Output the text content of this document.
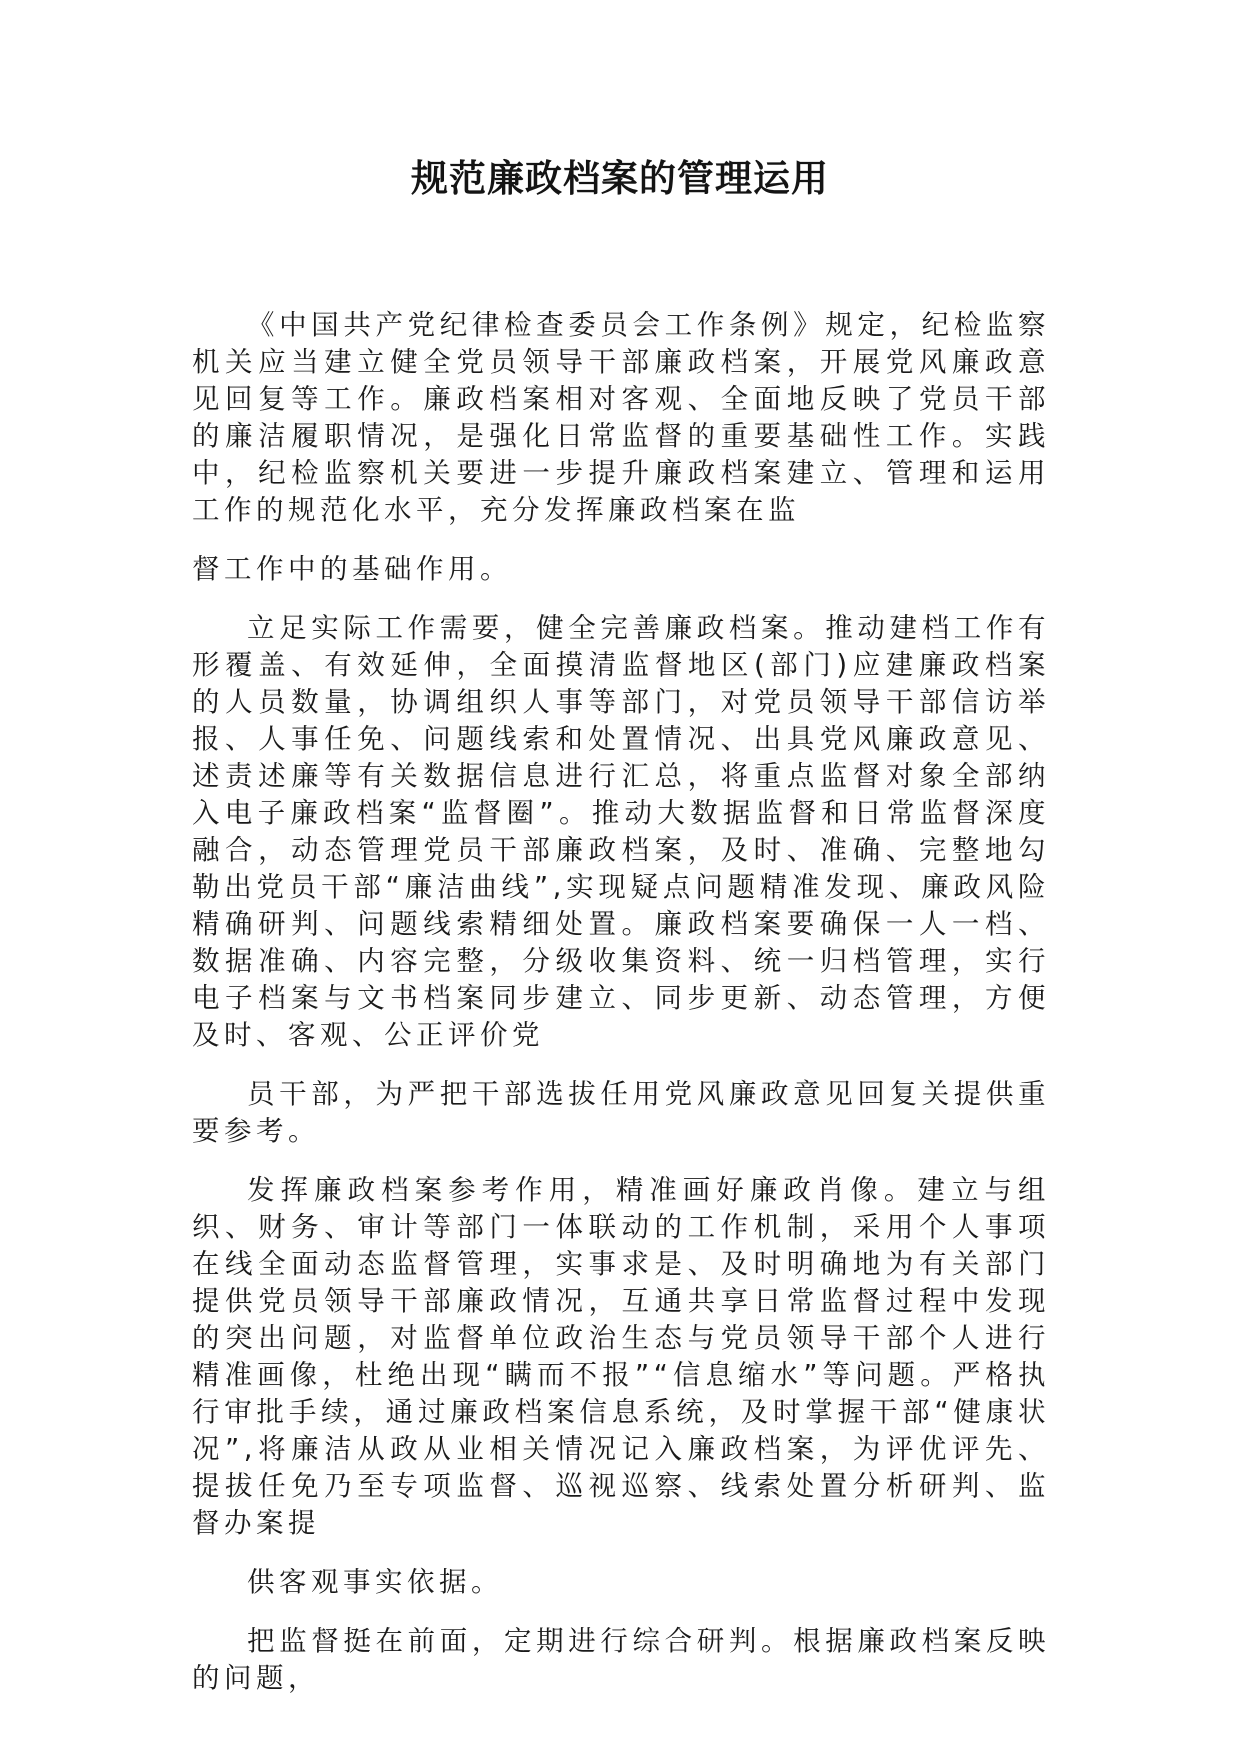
规范廉政档案的管理运用

《中国共产党纪律检查委员会工作条例》规定，纪检监察机关应当建立健全党员领导干部廉政档案，开展党风廉政意见回复等工作。廉政档案相对客观、全面地反映了党员干部的廉洁履职情况，是强化日常监督的重要基础性工作。实践中，纪检监察机关要进一步提升廉政档案建立、管理和运用工作的规范化水平，充分发挥廉政档案在监
督工作中的基础作用。

立足实际工作需要，健全完善廉政档案。推动建档工作有形覆盖、有效延伸，全面摸清监督地区(部门)应建廉政档案的人员数量，协调组织人事等部门，对党员领导干部信访举报、人事任免、问题线索和处置情况、出具党风廉政意见、述责述廉等有关数据信息进行汇总，将重点监督对象全部纳入电子廉政档案“监督圈”。推动大数据监督和日常监督深度融合，动态管理党员干部廉政档案，及时、准确、完整地勾勒出党员干部“廉洁曲线”,实现疑点问题精准发现、廉政风险精确研判、问题线索精细处置。廉政档案要确保一人一档、数据准确、内容完整，分级收集资料、统一归档管理，实行电子档案与文书档案同步建立、同步更新、动态管理，方便及时、客观、公正评价党
员干部，为严把干部选拔任用党风廉政意见回复关提供重要参考。

发挥廉政档案参考作用，精准画好廉政肖像。建立与组织、财务、审计等部门一体联动的工作机制，采用个人事项在线全面动态监督管理，实事求是、及时明确地为有关部门提供党员领导干部廉政情况，互通共享日常监督过程中发现的突出问题，对监督单位政治生态与党员领导干部个人进行精准画像，杜绝出现“瞒而不报”“信息缩水”等问题。严格执行审批手续，通过廉政档案信息系统，及时掌握干部“健康状况”,将廉洁从政从业相关情况记入廉政档案，为评优评先、提拔任免乃至专项监督、巡视巡察、线索处置分析研判、监督办案提
供客观事实依据。

把监督挺在前面，定期进行综合研判。根据廉政档案反映的问题，
